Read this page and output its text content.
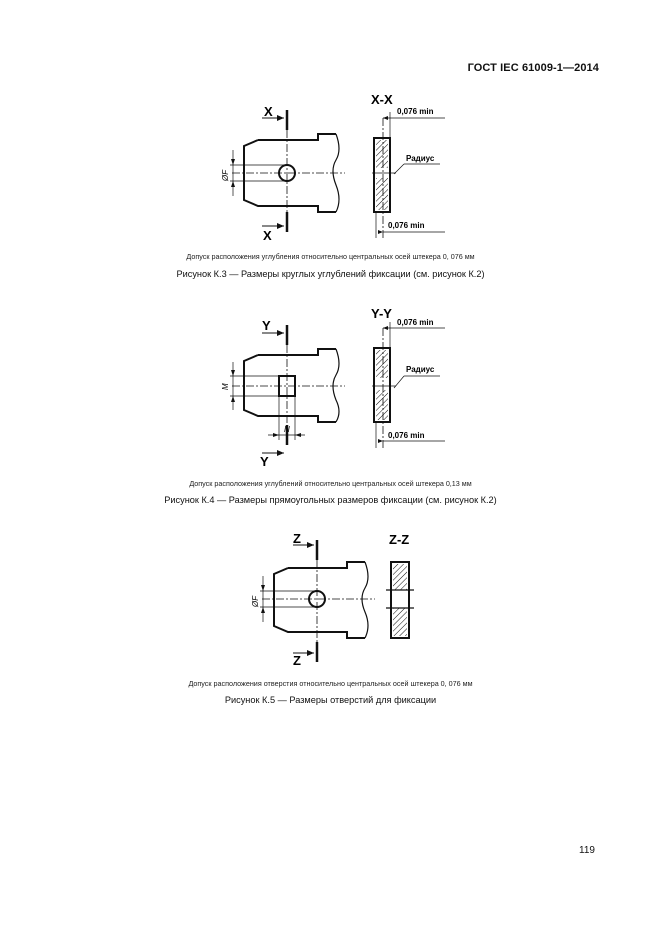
ГОСТ IEC 61009-1—2014
X
X
ØF
X-X
0,076 min
0,076 min
Радиус
Допуск расположения углубления относительно центральных осей штекера 0, 076 мм
Рисунок К.3 — Размеры круглых углублений фиксации (см. рисунок К.2)
Y
Y
M
N
Y-Y
0,076 min
0,076 min
Радиус
Допуск расположения углублений относительно центральных осей штекера 0,13 мм
Рисунок К.4 — Размеры прямоугольных размеров фиксации (см. рисунок К.2)
Z
Z
ØF
Z-Z
Допуск расположения отверстия относительно центральных осей штекера 0, 076 мм
Рисунок К.5 — Размеры отверстий для фиксации
119
